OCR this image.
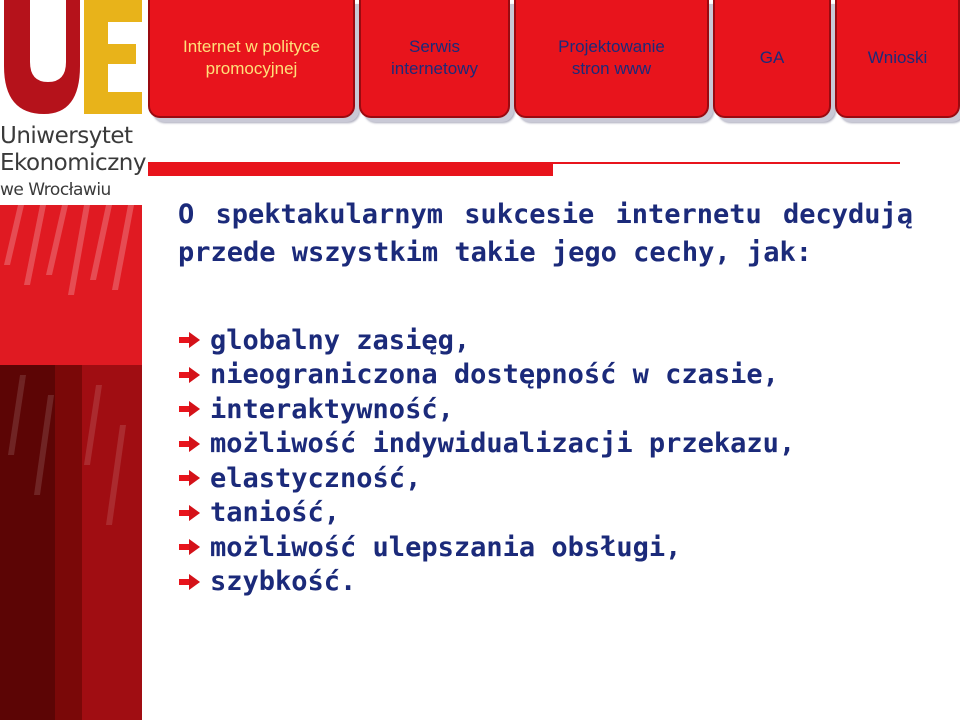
Uniwersytet
Ekonomiczny
we Wrocławiu
Internet w polityce promocyjnej
Serwis internetowy
Projektowanie stron www
GA	Wnioski

O spektakularnym sukcesie internetu decydują przede wszystkim takie jego cechy, jak:

globalny zasięg,
nieograniczona dostępność w czasie,
interaktywność,
możliwość indywidualizacji przekazu,
elastyczność,
taniość,
możliwość ulepszania obsługi,
szybkość.
